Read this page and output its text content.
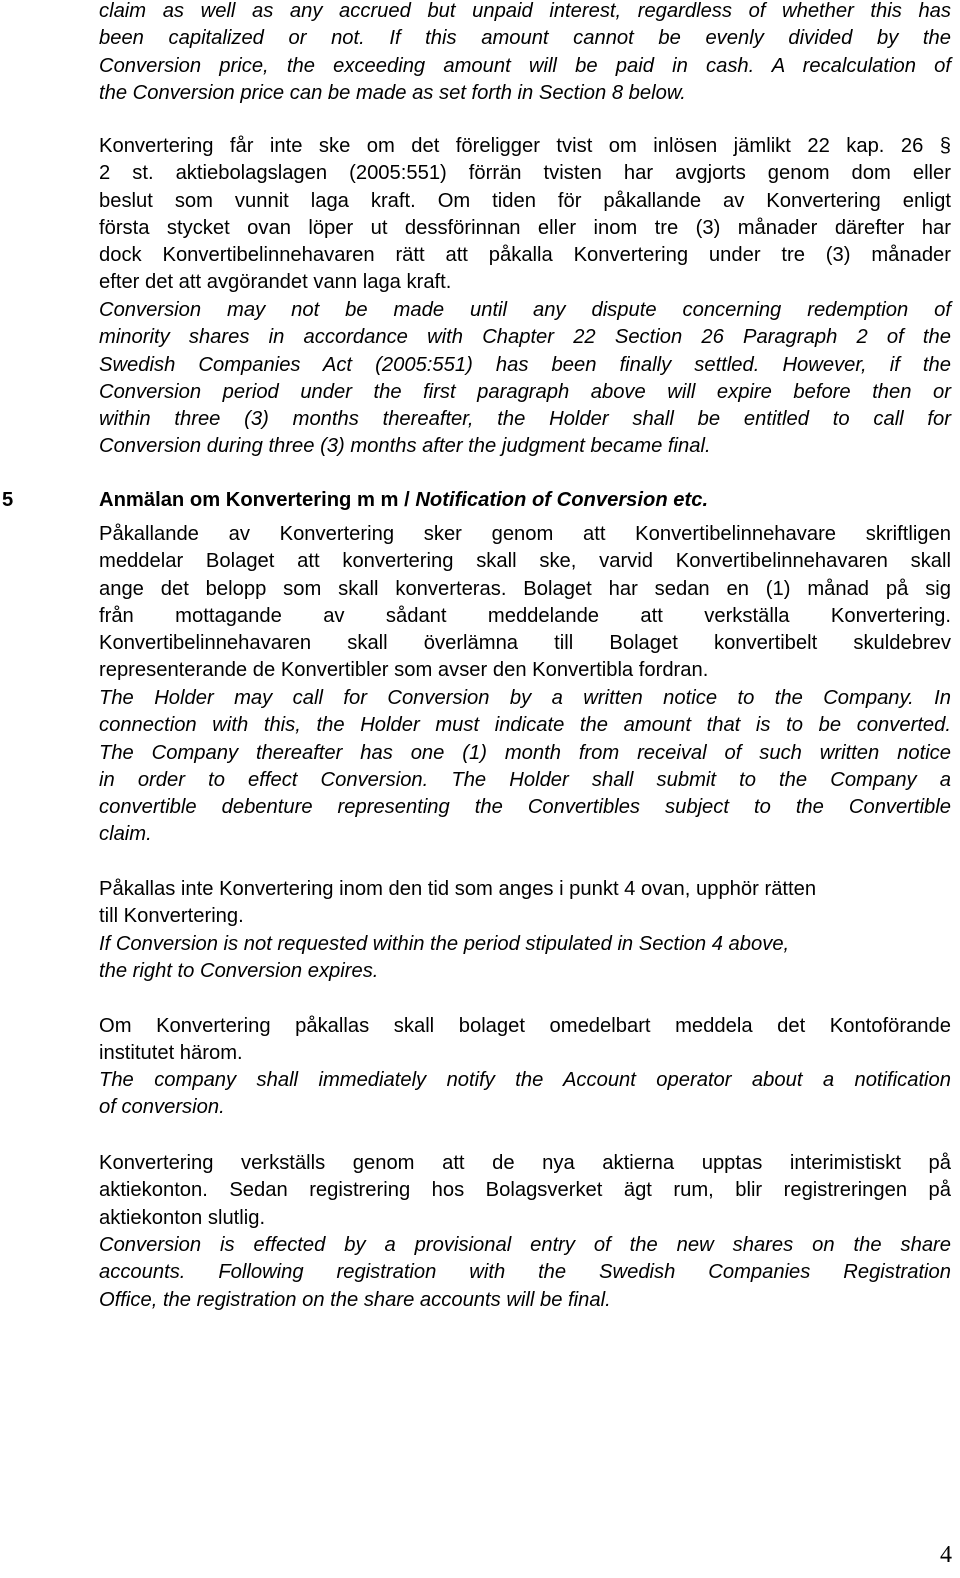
claim as well as any accrued but unpaid interest, regardless of whether this has
been capitalized or not. If this amount cannot be evenly divided by the
Conversion price, the exceeding amount will be paid in cash. A recalculation of
the Conversion price can be made as set forth in Section 8 below.
Konvertering får inte ske om det föreligger tvist om inlösen jämlikt 22 kap. 26 §
2 st. aktiebolagslagen (2005:551) förrän tvisten har avgjorts genom dom eller
beslut som vunnit laga kraft. Om tiden för påkallande av Konvertering enligt
första stycket ovan löper ut dessförinnan eller inom tre (3) månader därefter har
dock Konvertibelinnehavaren rätt att påkalla Konvertering under tre (3) månader
efter det att avgörandet vann laga kraft.
Conversion may not be made until any dispute concerning redemption of
minority shares in accordance with Chapter 22 Section 26 Paragraph 2 of the
Swedish Companies Act (2005:551) has been finally settled. However, if the
Conversion period under the first paragraph above will expire before then or
within three (3) months thereafter, the Holder shall be entitled to call for
Conversion during three (3) months after the judgment became final.
5	Anmälan om Konvertering m m / Notification of Conversion etc.
Påkallande av Konvertering sker genom att Konvertibelinnehavare skriftligen
meddelar Bolaget att konvertering skall ske, varvid Konvertibelinnehavaren skall
ange det belopp som skall konverteras. Bolaget har sedan en (1) månad på sig
från mottagande av sådant meddelande att verkställa Konvertering.
Konvertibelinnehavaren skall överlämna till Bolaget konvertibelt skuldebrev
representerande de Konvertibler som avser den Konvertibla fordran.
The Holder may call for Conversion by a written notice to the Company. In
connection with this, the Holder must indicate the amount that is to be converted.
The Company thereafter has one (1) month from receival of such written notice
in order to effect Conversion. The Holder shall submit to the Company a
convertible debenture representing the Convertibles subject to the Convertible
claim.
Påkallas inte Konvertering inom den tid som anges i punkt 4 ovan, upphör rätten
till Konvertering.
If Conversion is not requested within the period stipulated in Section 4 above,
the right to Conversion expires.
Om Konvertering påkallas skall bolaget omedelbart meddela det Kontoförande
institutet härom.
The company shall immediately notify the Account operator about a notification
of conversion.
Konvertering verkställs genom att de nya aktierna upptas interimistiskt på
aktiekonton. Sedan registrering hos Bolagsverket ägt rum, blir registreringen på
aktiekonton slutlig.
Conversion is effected by a provisional entry of the new shares on the share
accounts. Following registration with the Swedish Companies Registration
Office, the registration on the share accounts will be final.
4
